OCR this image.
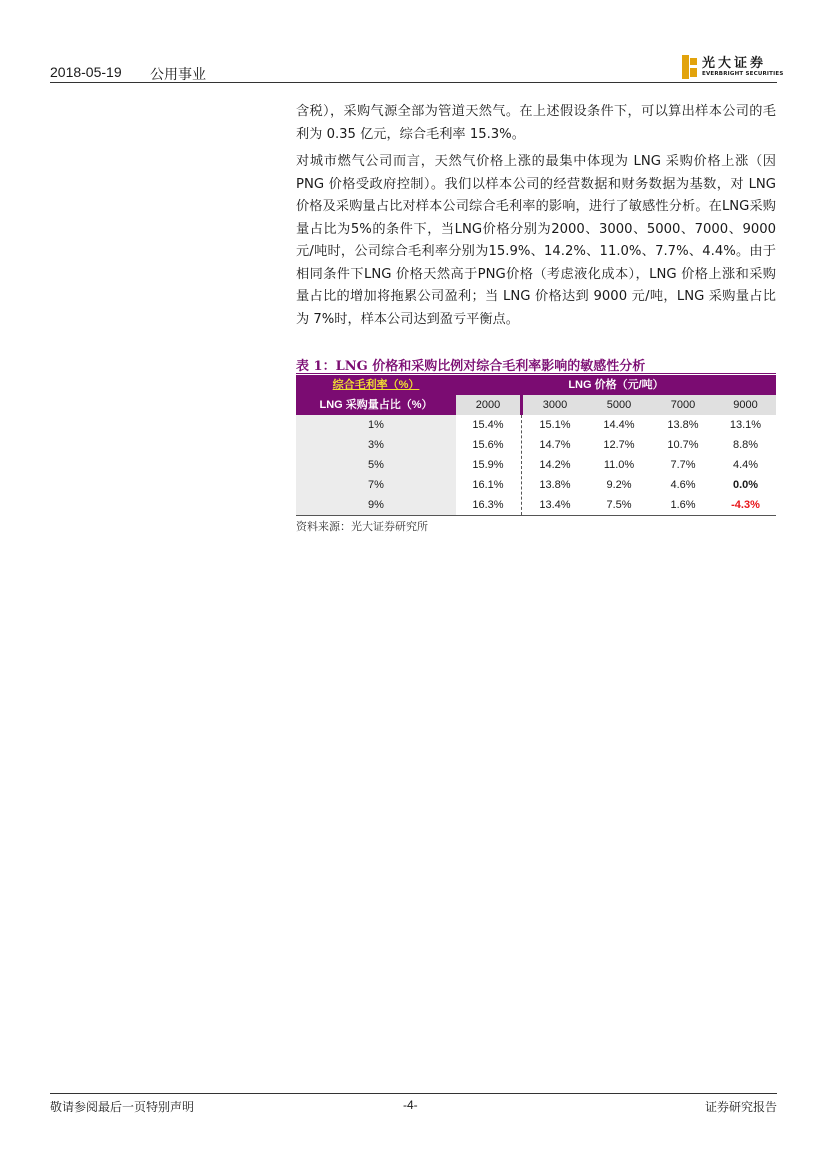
2018-05-19 公用事业
光大证券
EVERBRIGHT SECURITIES
含税），采购气源全部为管道天然气。在上述假设条件下，可以算出样本公司的毛利为 0.35 亿元，综合毛利率 15.3%。
对城市燃气公司而言，天然气价格上涨的最集中体现为 LNG 采购价格上涨（因 PNG 价格受政府控制）。我们以样本公司的经营数据和财务数据为基数，对 LNG 价格及采购量占比对样本公司综合毛利率的影响，进行了敏感性分析。在LNG采购量占比为5%的条件下，当LNG价格分别为2000、3000、5000、7000、9000 元/吨时，公司综合毛利率分别为15.9%、14.2%、11.0%、7.7%、4.4%。由于相同条件下LNG 价格天然高于PNG价格（考虑液化成本），LNG 价格上涨和采购量占比的增加将拖累公司盈利；当 LNG 价格达到 9000 元/吨，LNG 采购量占比为 7%时，样本公司达到盈亏平衡点。
表 1：LNG 价格和采购比例对综合毛利率影响的敏感性分析
综合毛利率（%）	LNG 价格（元/吨）
LNG 采购量占比（%）	2000	3000	5000	7000	9000
1%	15.4%	15.1%	14.4%	13.8%	13.1%
3%	15.6%	14.7%	12.7%	10.7%	8.8%
5%	15.9%	14.2%	11.0%	7.7%	4.4%
7%	16.1%	13.8%	9.2%	4.6%	0.0%
9%	16.3%	13.4%	7.5%	1.6%	-4.3%
资料来源：光大证券研究所
敬请参阅最后一页特别声明	-4-	证券研究报告
